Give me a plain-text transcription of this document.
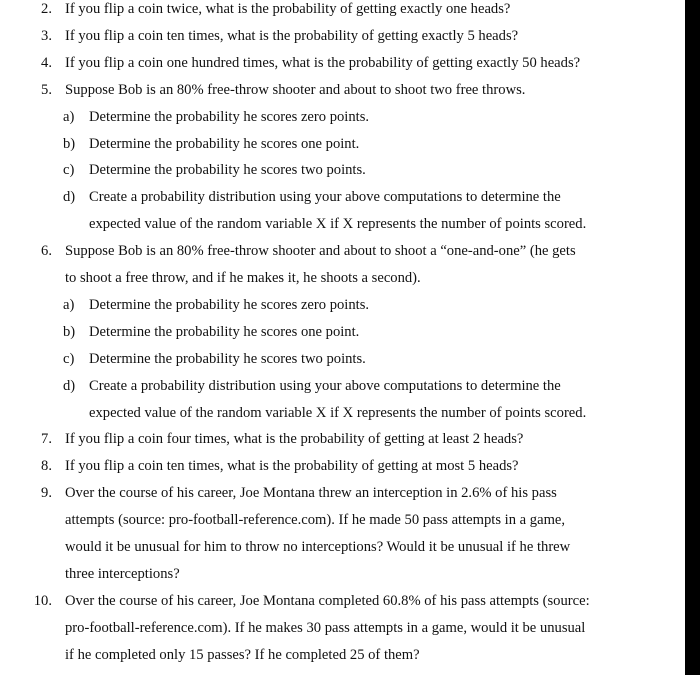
2. If you flip a coin twice, what is the probability of getting exactly one heads?
3. If you flip a coin ten times, what is the probability of getting exactly 5 heads?
4. If you flip a coin one hundred times, what is the probability of getting exactly 50 heads?
5. Suppose Bob is an 80% free-throw shooter and about to shoot two free throws.
a) Determine the probability he scores zero points.
b) Determine the probability he scores one point.
c) Determine the probability he scores two points.
d) Create a probability distribution using your above computations to determine the
expected value of the random variable X if X represents the number of points scored.
6. Suppose Bob is an 80% free-throw shooter and about to shoot a “one-and-one” (he gets
to shoot a free throw, and if he makes it, he shoots a second).
a) Determine the probability he scores zero points.
b) Determine the probability he scores one point.
c) Determine the probability he scores two points.
d) Create a probability distribution using your above computations to determine the
expected value of the random variable X if X represents the number of points scored.
7. If you flip a coin four times, what is the probability of getting at least 2 heads?
8. If you flip a coin ten times, what is the probability of getting at most 5 heads?
9. Over the course of his career, Joe Montana threw an interception in 2.6% of his pass
attempts (source: pro-football-reference.com). If he made 50 pass attempts in a game,
would it be unusual for him to throw no interceptions? Would it be unusual if he threw
three interceptions?
10. Over the course of his career, Joe Montana completed 60.8% of his pass attempts (source:
pro-football-reference.com). If he makes 30 pass attempts in a game, would it be unusual
if he completed only 15 passes? If he completed 25 of them?
